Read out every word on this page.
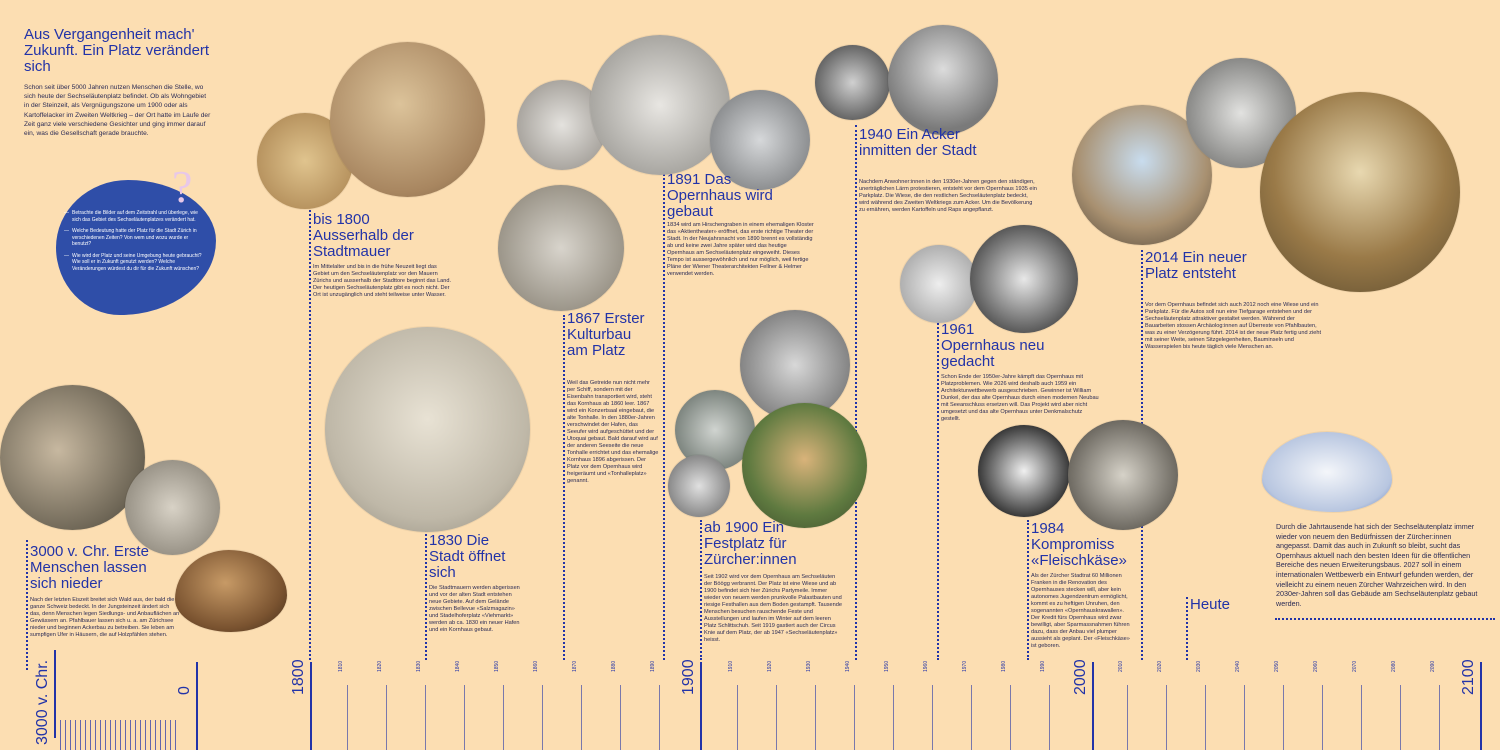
Aus Vergangenheit mach' Zukunft. Ein Platz verändert sich
Schon seit über 5000 Jahren nutzen Menschen die Stelle, wo sich heute der Sechseläutenplatz befindet. Ob als Wohngebiet in der Steinzeit, als Vergnügungszone um 1900 oder als Kartoffelacker im Zweiten Weltkrieg – der Ort hatte im Laufe der Zeit ganz viele verschiedene Gesichter und ging immer darauf ein, was die Gesellschaft gerade brauchte.
?
— Betrachte die Bilder auf dem Zeitstrahl und überlege, wie sich das Gebiet des Sechseläutenplatzes verändert hat.
— Welche Bedeutung hatte der Platz für die Stadt Zürich in verschiedenen Zeiten? Von wem und wozu wurde er benutzt?
— Wie wird der Platz und seine Umgebung heute gebraucht? Wie soll er in Zukunft genutzt werden? Welche Veränderungen würdest du dir für die Zukunft wünschen?
3000 v. Chr. Erste Menschen lassen sich nieder
Nach der letzten Eiszeit breitet sich Wald aus, der bald die ganze Schweiz bedeckt. In der Jungsteinzeit ändert sich das, denn Menschen legen Siedlungs- und Anbauflächen an Gewässern an. Pfahlbauer lassen sich u. a. am Zürichsee nieder und beginnen Ackerbau zu betreiben. Sie leben am sumpfigen Ufer in Häusern, die auf Holzpfählen stehen.
bis 1800 Ausserhalb der Stadtmauer
Im Mittelalter und bis in die frühe Neuzeit liegt das Gebiet um den Sechseläutenplatz vor den Mauern Zürichs und ausserhalb der Stadttore beginnt das Land. Der heutigen Sechseläutenplatz gibt es noch nicht. Der Ort ist unzugänglich und steht teilweise unter Wasser.
1830 Die Stadt öffnet sich
Die Stadtmauern werden abgerissen und vor der alten Stadt entstehen neue Gebiete. Auf dem Gelände zwischen Bellevue «Salzmagazin» und Stadelhoferplatz «Viehmarkt» werden ab ca. 1830 ein neuer Hafen und ein Kornhaus gebaut.
1867 Erster Kulturbau am Platz
Weil das Getreide nun nicht mehr per Schiff, sondern mit der Eisenbahn transportiert wird, steht das Kornhaus ab 1860 leer. 1867 wird ein Konzertsaal eingebaut, die alte Tonhalle. In den 1880er-Jahren verschwindet der Hafen, das Seeufer wird aufgeschüttet und der Utoquai gebaut. Bald darauf wird auf der anderen Seeseite die neue Tonhalle errichtet und das ehemalige Kornhaus 1896 abgerissen. Der Platz vor dem Opernhaus wird freigeräumt und «Tonhalleplatz» genannt.
1891 Das Opernhaus wird gebaut
1834 wird am Hirschengraben in einem ehemaligen Kloster das «Aktientheater» eröffnet, das erste richtige Theater der Stadt. In der Neujahrsnacht von 1890 brennt es vollständig ab und keine zwei Jahre später wird das heutige Opernhaus am Sechseläutenplatz eingeweiht. Dieses Tempo ist aussergewöhnlich und nur möglich, weil fertige Pläne der Wiener Theaterarchitekten Fellner & Helmer verwendet werden.
ab 1900 Ein Festplatz für Zürcher:innen
Seit 1902 wird vor dem Opernhaus am Sechseläuten der Böögg verbrannt. Der Platz ist eine Wiese und ab 1900 befindet sich hier Zürichs Partymeile. Immer wieder von neuem werden prunkvolle Palastbauten und riesige Festhallen aus dem Boden gestampft. Tausende Menschen besuchen rauschende Feste und Ausstellungen und laufen im Winter auf dem leeren Platz Schlittschuh. Seit 1919 gastiert auch der Circus Knie auf dem Platz, der ab 1947 «Sechseläutenplatz» heisst.
1940 Ein Acker inmitten der Stadt
Nachdem Anwohner:innen in den 1930er-Jahren gegen den ständigen, unerträglichen Lärm protestieren, entsteht vor dem Opernhaus 1935 ein Parkplatz. Die Wiese, die den restlichen Sechseläutenplatz bedeckt, wird während des Zweiten Weltkriegs zum Acker. Um die Bevölkerung zu ernähren, werden Kartoffeln und Raps angepflanzt.
1961 Opernhaus neu gedacht
Schon Ende der 1950er-Jahre kämpft das Opernhaus mit Platzproblemen. Wie 2026 wird deshalb auch 1959 ein Architekturwettbewerb ausgeschrieben. Gewinner ist William Dunkel, der das alte Opernhaus durch einen modernen Neubau mit Seeanschluss ersetzen will. Das Projekt wird aber nicht umgesetzt und das alte Opernhaus unter Denkmalschutz gestellt.
1984 Kompromiss «Fleischkäse»
Als der Zürcher Stadtrat 60 Millionen Franken in die Renovation des Opernhauses stecken will, aber kein autonomes Jugendzentrum ermöglicht, kommt es zu heftigen Unruhen, den sogenannten «Opernhauskrawallen». Der Kredit fürs Opernhaus wird zwar bewilligt, aber Sparmassnahmen führen dazu, dass der Anbau viel plumper aussieht als geplant. Der «Fleischkäse» ist geboren.
2014 Ein neuer Platz entsteht
Vor dem Opernhaus befindet sich auch 2012 noch eine Wiese und ein Parkplatz. Für die Autos soll nun eine Tiefgarage entstehen und der Sechseläutenplatz attraktiver gestaltet werden. Während der Bauarbeiten stossen Archäolog:innen auf Überreste von Pfahlbauten, was zu einer Verzögerung führt. 2014 ist der neue Platz fertig und zieht mit seiner Weite, seinen Sitzgelegenheiten, Bauminseln und Wasserspielen bis heute täglich viele Menschen an.
Heute
Durch die Jahrtausende hat sich der Sechseläutenplatz immer wieder von neuem den Bedürfnissen der Zürcher:innen angepasst. Damit das auch in Zukunft so bleibt, sucht das Opernhaus aktuell nach den besten Ideen für die öffentlichen Bereiche des neuen Erweiterungsbaus. 2027 soll in einem internationalen Wettbewerb ein Entwurf gefunden werden, der vielleicht zu einem neuen Zürcher Wahrzeichen wird. In den 2030er-Jahren soll das Gebäude am Sechseläutenplatz gebaut werden.
3000 v. Chr.	0	1800	1900	2000	2100
1810	1820	1830	1840	1850	1860	1870	1880	1890	1910	1920	1930	1940	1950	1960	1970	1980	1990	2010	2020	2030	2040	2050	2060	2070	2080	2090
